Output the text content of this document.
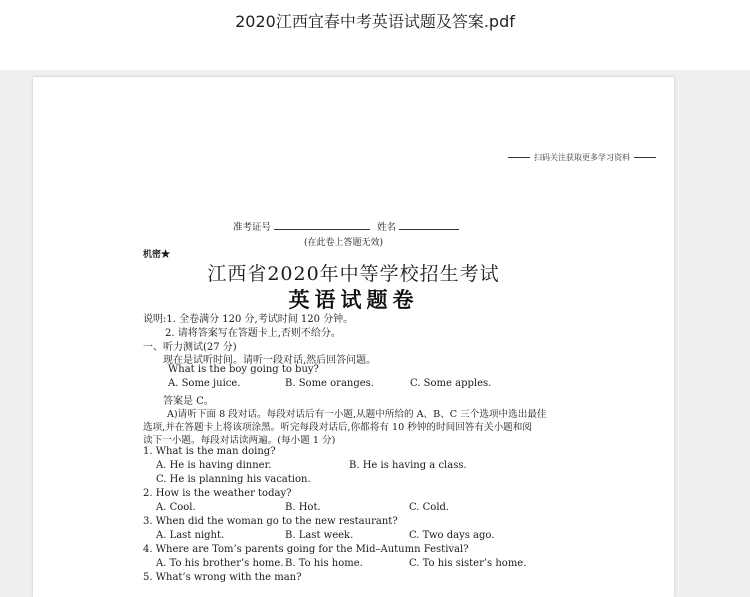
2020江西宜春中考英语试题及答案.pdf
扫码关注获取更多学习资料
准考证号	姓名
(在此卷上答题无效)
机密★
江西省2020年中等学校招生考试
英语试题卷
说明:1. 全卷满分 120 分,考试时间 120 分钟。
2. 请将答案写在答题卡上,否则不给分。
一、听力测试(27 分)
现在是试听时间。请听一段对话,然后回答问题。
What is the boy going to buy?
A. Some juice.	B. Some oranges.	C. Some apples.
答案是 C。
A)请听下面 8 段对话。每段对话后有一小题,从题中所给的 A、B、C 三个选项中选出最佳
选项,并在答题卡上将该项涂黑。听完每段对话后,你都将有 10 秒钟的时间回答有关小题和阅
读下一小题。每段对话读两遍。(每小题 1 分)
1. What is the man doing?
A. He is having dinner.	B. He is having a class.
C. He is planning his vacation.
2. How is the weather today?
A. Cool.	B. Hot.	C. Cold.
3. When did the woman go to the new restaurant?
A. Last night.	B. Last week.	C. Two days ago.
4. Where are Tom’s parents going for the Mid–Autumn Festival?
A. To his brother’s home. B. To his home.	C. To his sister’s home.
5. What’s wrong with the man?
